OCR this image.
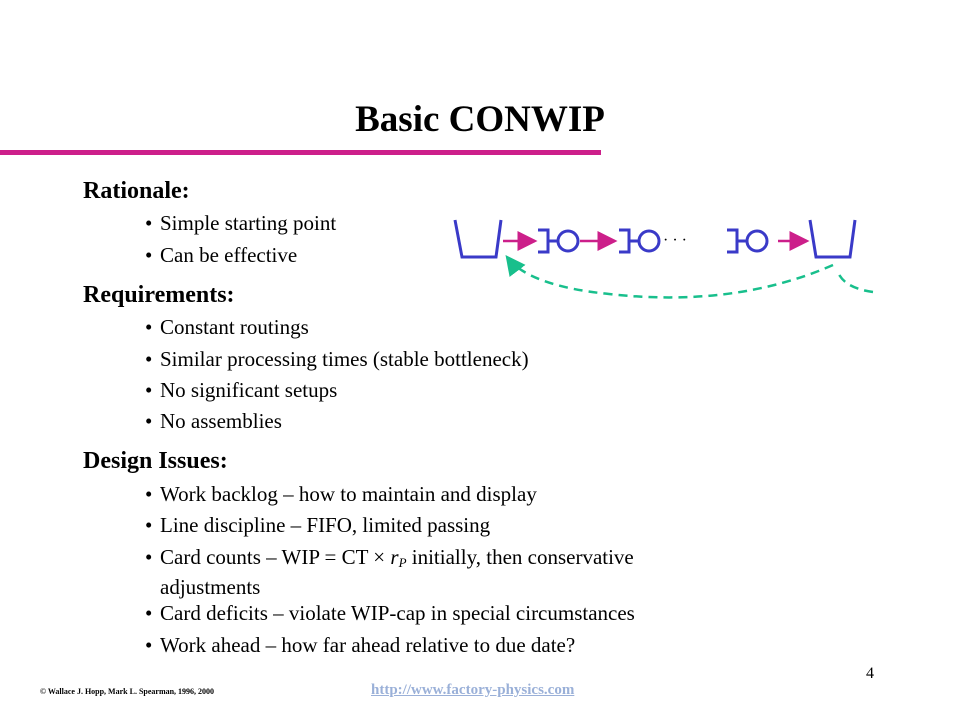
Basic CONWIP
Rationale:
• Simple starting point
• Can be effective
Requirements:
• Constant routings
• Similar processing times (stable bottleneck)
• No significant setups
• No assemblies
Design Issues:
• Work backlog – how to maintain and display
• Line discipline – FIFO, limited passing
• Card counts – WIP = CT × $r_P$ initially, then conservative
adjustments
• Card deficits – violate WIP-cap in special circumstances
• Work ahead – how far ahead relative to due date?
· · ·
4
© Wallace J. Hopp, Mark L. Spearman, 1996, 2000	http://www.factory-physics.com
